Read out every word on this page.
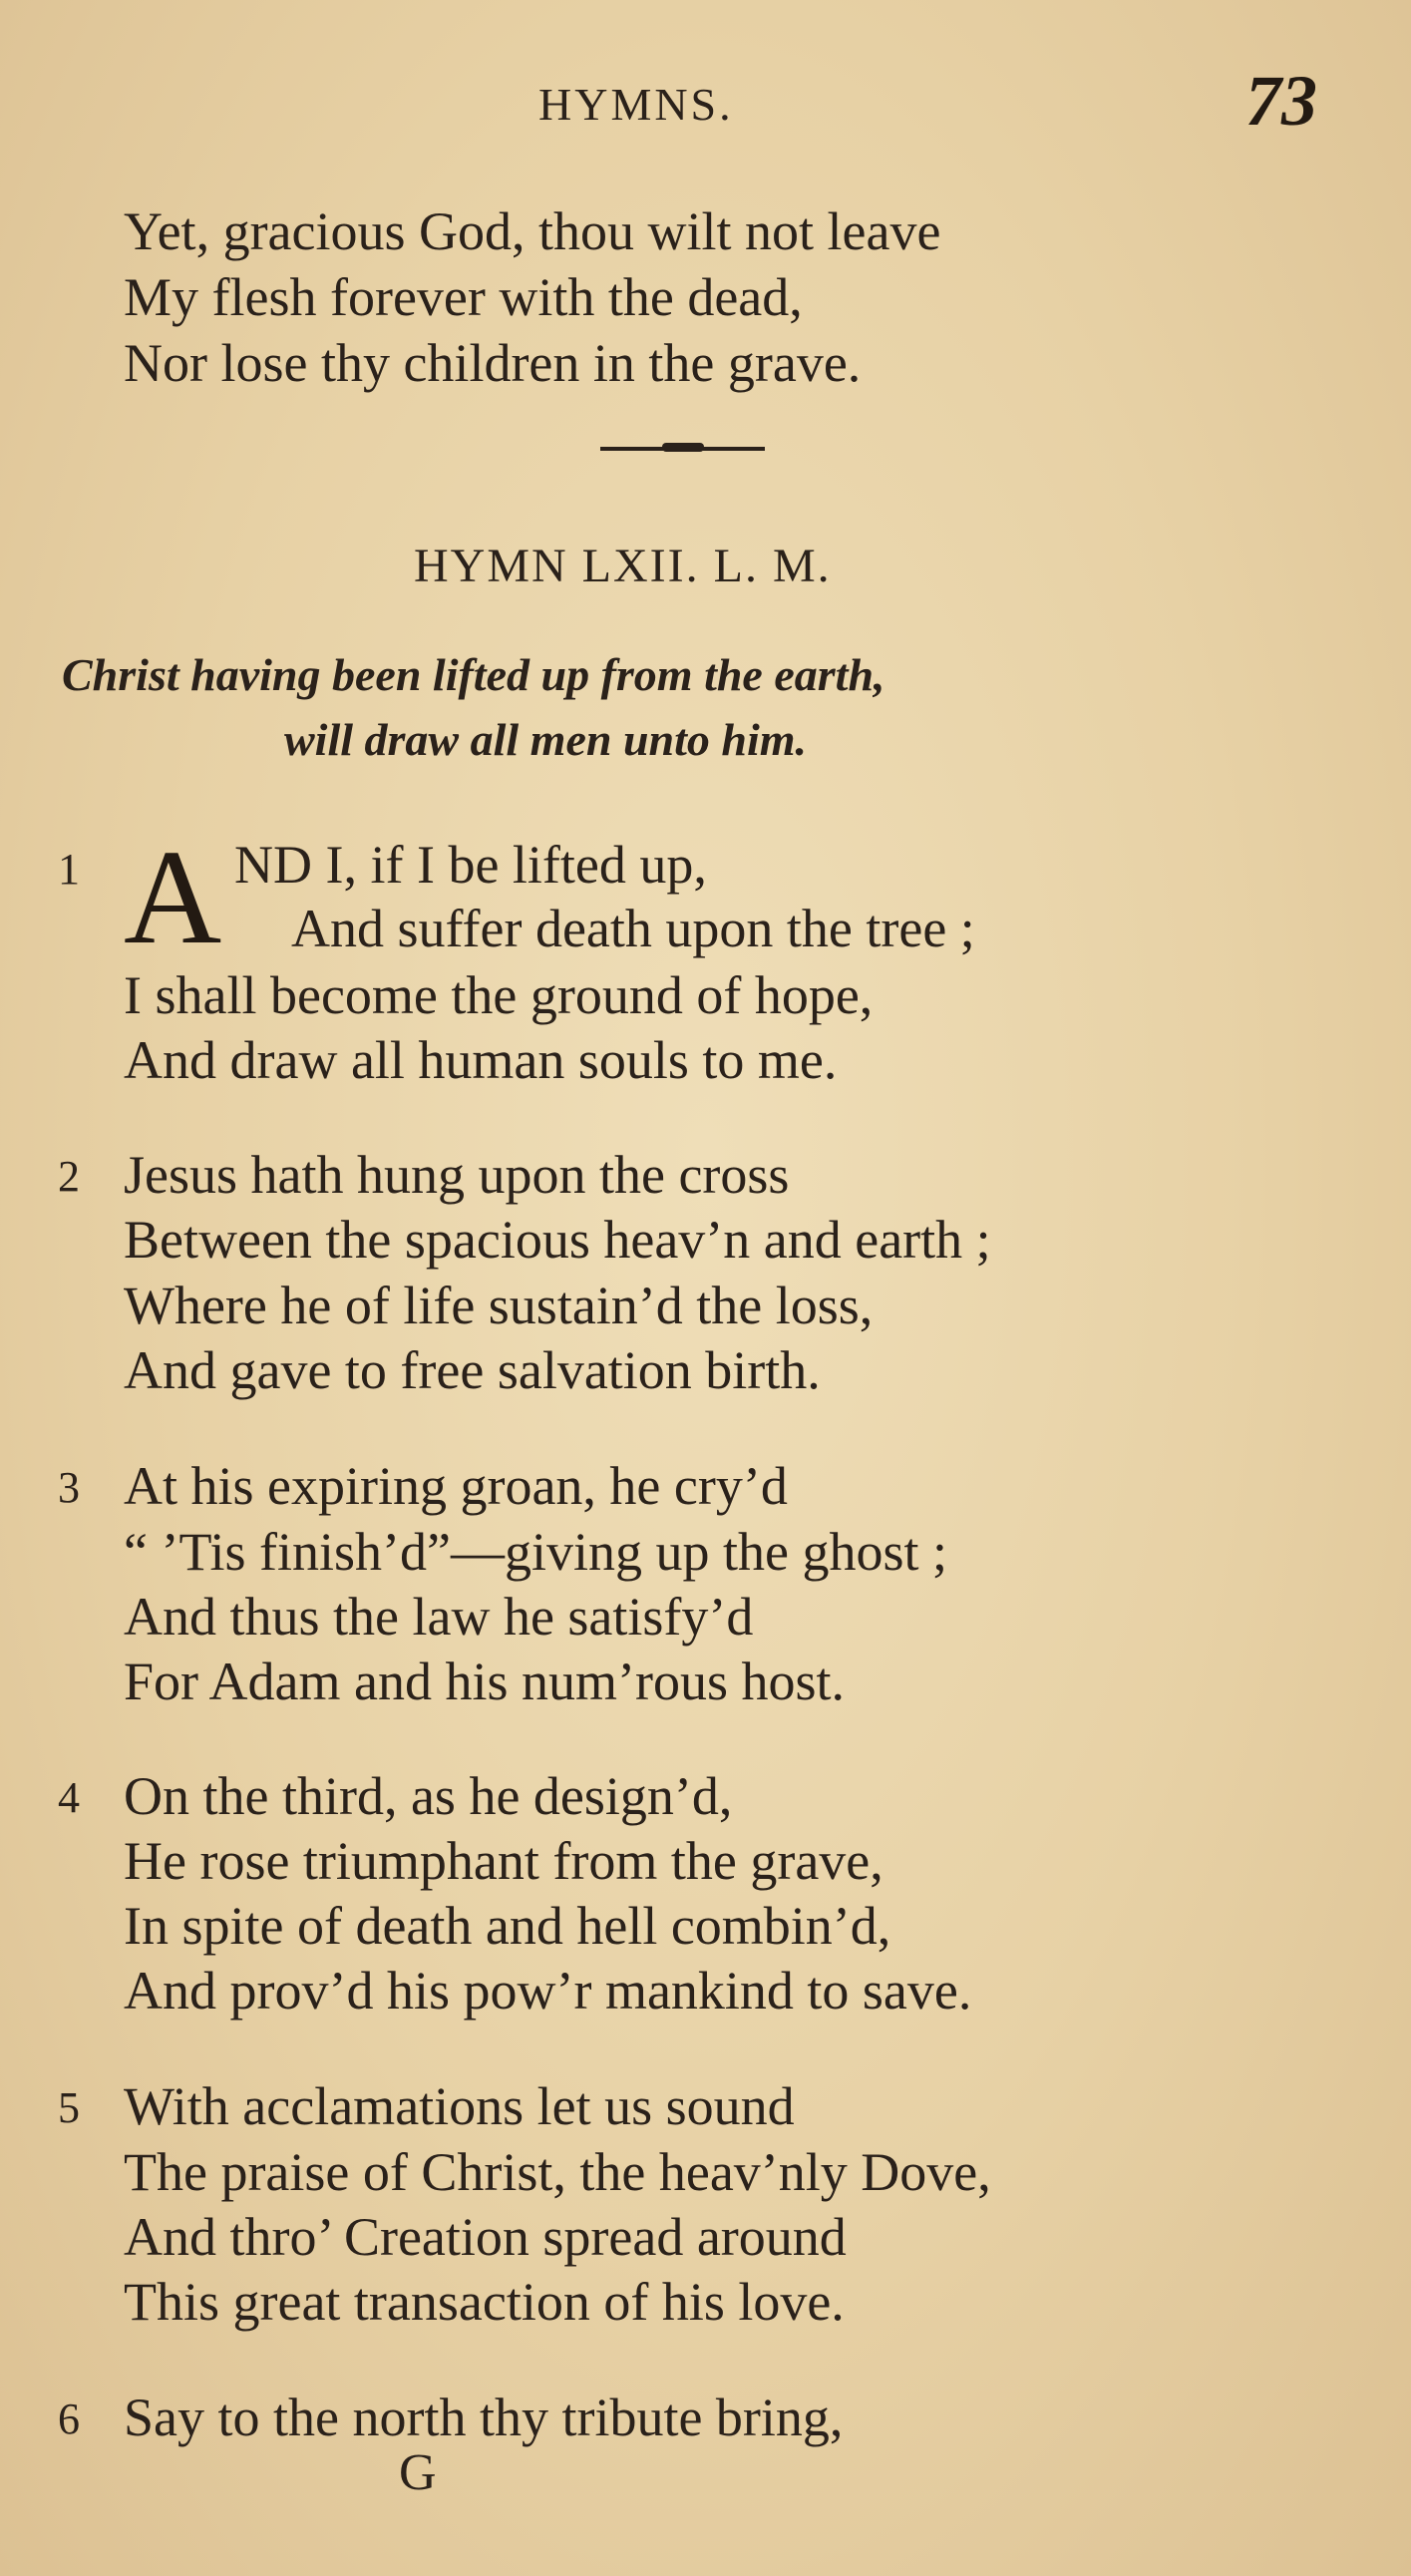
HYMNS.	73
Yet, gracious God, thou wilt not leave
My flesh forever with the dead,
Nor lose thy children in the grave.
HYMN LXII. L. M.
Christ having been lifted up from the earth,
will draw all men unto him.
1 A ND I, if I be lifted up,
And suffer death upon the tree ;
I shall become the ground of hope,
And draw all human souls to me.
2 Jesus hath hung upon the cross
Between the spacious heav’n and earth ;
Where he of life sustain’d the loss,
And gave to free salvation birth.
3 At his expiring groan, he cry’d
“ ’Tis finish’d”—giving up the ghost ;
And thus the law he satisfy’d
For Adam and his num’rous host.
4 On the third, as he design’d,
He rose triumphant from the grave,
In spite of death and hell combin’d,
And prov’d his pow’r mankind to save.
5 With acclamations let us sound
The praise of Christ, the heav’nly Dove,
And thro’ Creation spread around
This great transaction of his love.
6 Say to the north thy tribute bring,
G
